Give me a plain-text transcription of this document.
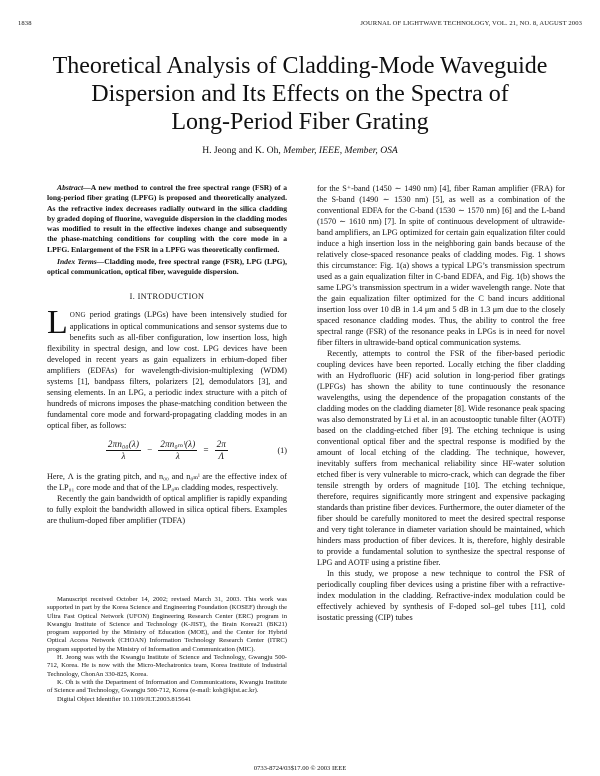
1838	JOURNAL OF LIGHTWAVE TECHNOLOGY, VOL. 21, NO. 8, AUGUST 2003
Theoretical Analysis of Cladding-Mode Waveguide
Dispersion and Its Effects on the Spectra of
Long-Period Fiber Grating
H. Jeong and K. Oh, Member, IEEE, Member, OSA

Abstract—A new method to control the free spectral range (FSR) of a long-period fiber grating (LPFG) is proposed and theoretically analyzed. As the refractive index decreases radially outward in the silica cladding by graded doping of fluorine, waveguide dispersion in the cladding modes was modified to result in the effective indexes change and subsequently the phase-matching conditions for coupling with the core mode in a LPFG. Enlargement of the FSR in a LPFG was theoretically confirmed.

Index Terms—Cladding mode, free spectral range (FSR), LPG (LPG), optical communication, optical fiber, waveguide dispersion.

I. INTRODUCTION

LONG period gratings (LPGs) have been intensively studied for applications in optical communications and sensor systems due to benefits such as all-fiber configuration, low insertion loss, high flexibility in spectral design, and low cost. LPG devices have been developed in recent years as gain equalizers in erbium-doped fiber amplifiers (EDFAs) for wavelength-division-multiplexing (WDM) systems [1], bandpass filters, polarizers [2], demodulators [3], and sensing elements. In an LPG, a periodic index structure with a pitch of hundreds of microns imposes the phase-matching condition between the fundamental core mode and forward-propagating cladding modes in an optical fiber, as follows:

$\frac{\text{2πn₀₀(λ)}}{\lambda} - \frac{\text{2πn₀ₘˡ(λ)}}{\lambda} = \frac{2\pi}{\Lambda}$	(1)

Here, Λ is the grating pitch, and n₀₀ and n₀ₘˡ are the effective index of the LP₀₁ core mode and that of the LP₀ₘ cladding modes, respectively.

Recently the gain bandwidth of optical amplifier is rapidly expanding to fully exploit the bandwidth allowed in silica optical fibers. Examples are thulium-doped fiber amplifier (TDFA)

Manuscript received October 14, 2002; revised March 31, 2003. This work was supported in part by the Korea Science and Engineering Foundation (KOSEF) through the Ultra Fast Optical Network (UFON) Engineering Research Center (ERC) program in Kwangju Institute of Science and Technology (K-JIST), the Brain Korea21 (BK21) program supported by the Ministry of Education (MOE), and the Center for Hybrid Optical Access Network (CHOAN) Information Technology Research Center (ITRC) program supported by the Ministry of Information and Communication (MIC).

H. Jeong was with the Kwangju Institute of Science and Technology, Gwangju 500-712, Korea. He is now with the Micro-Mechatronics team, Korea Institute of Industrial Technology, ChonAn 330-825, Korea.

K. Oh is with the Department of Information and Communications, Kwangju Institute of Science and Technology, Gwangju 500-712, Korea (e-mail: koh@kjist.ac.kr).

Digital Object Identifier 10.1109/JLT.2003.815641

for the S⁺-band (1450 ∼ 1490 nm) [4], fiber Raman amplifier (FRA) for the S-band (1490 ∼ 1530 nm) [5], as well as a combination of the conventional EDFA for the C-band (1530 ∼ 1570 nm) [6] and the L-band (1570 ∼ 1610 nm) [7]. In spite of continuous development of ultrawide-band amplifiers, an LPG optimized for certain gain equalization filter could induce a high insertion loss in the neighboring gain bands because of the relatively close-spaced resonance peaks of cladding modes. Fig. 1 shows this circumstance: Fig. 1(a) shows a typical LPG’s transmission spectrum used as a gain equalization filter in C-band EDFA, and Fig. 1(b) shows the same LPG’s transmission spectrum in a wider wavelength range. Note that the gain equalization filter optimized for the C band incurs additional insertion loss over 10 dB in 1.4 μm and 5 dB in 1.3 μm due to the closely spaced resonance cladding modes. Thus, the ability to control the free spectral range (FSR) of the resonance peaks in LPGs is in need for novel fiber filters in ultrawide-band optical communication systems.

Recently, attempts to control the FSR of the fiber-based periodic coupling devices have been reported. Locally etching the fiber cladding with an Hydrofluoric (HF) acid solution in long-period fiber gratings (LPFGs) has shown the ability to tune continuously the resonance wavelengths, using the dependence of the propagation constants of the cladding modes on the cladding diameter [8]. Wide resonance peak spacing was also demonstrated by Li et al. in an acoustooptic tunable filter (AOTF) based on the cladding-etched fiber [9]. The etching technique is using conventional optical fiber and the spectral response is modified by the amount of local etching of the cladding. The technique, however, inevitably suffers from mechanical reliability since HF-water solution etched fiber is very vulnerable to micro-crack, which can degrade the fiber tensile strength by orders of magnitude [10]. The etching technique, therefore, requires significantly more stringent and expensive packaging standards than pristine fiber devices. Furthermore, the outer diameter of the fiber should be carefully monitored to meet the desired spectral response and very tight tolerance in diameter variation should be maintained, which hinders mass production of fiber devices. It is, therefore, highly desirable to provide a fundamental solution to synthesize the spectral response of LPG and AOTF using a pristine fiber.

In this study, we propose a new technique to control the FSR of periodically coupling fiber devices using a pristine fiber with a refractive-index modulation in the cladding. Refractive-index modulation could be effectively achieved by synthesis of F-doped sol–gel tubes [11], cold isostatic pressing (CIP) tubes

0733-8724/03$17.00 © 2003 IEEE
